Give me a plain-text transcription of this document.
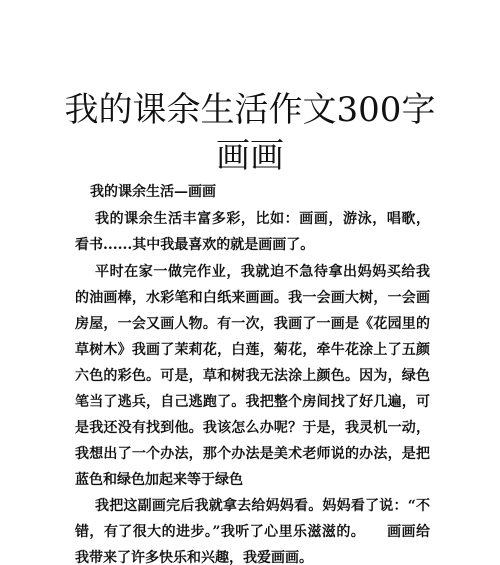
我的课余生活作文300字
画画

我的课余生活—画画

我的课余生活丰富多彩，比如：画画，游泳，唱歌，看书......其中我最喜欢的就是画画了。

平时在家一做完作业，我就迫不急待拿出妈妈买给我的油画棒，水彩笔和白纸来画画。我一会画大树，一会画房屋，一会又画人物。有一次，我画了一画是《花园里的草树木》我画了茉莉花，白莲，菊花，牵牛花涂上了五颜六色的彩色。可是，草和树我无法涂上颜色。因为，绿色笔当了逃兵，自己逃跑了。我把整个房间找了好几遍，可是我还没有找到他。我该怎么办呢？于是，我灵机一动，我想出了一个办法，那个办法是美术老师说的办法，是把蓝色和绿色加起来等于绿色

我把这副画完后我就拿去给妈妈看。妈妈看了说：“不错，有了很大的进步。”我听了心里乐滋滋的。　　画画给我带来了许多快乐和兴趣，我爱画画。
